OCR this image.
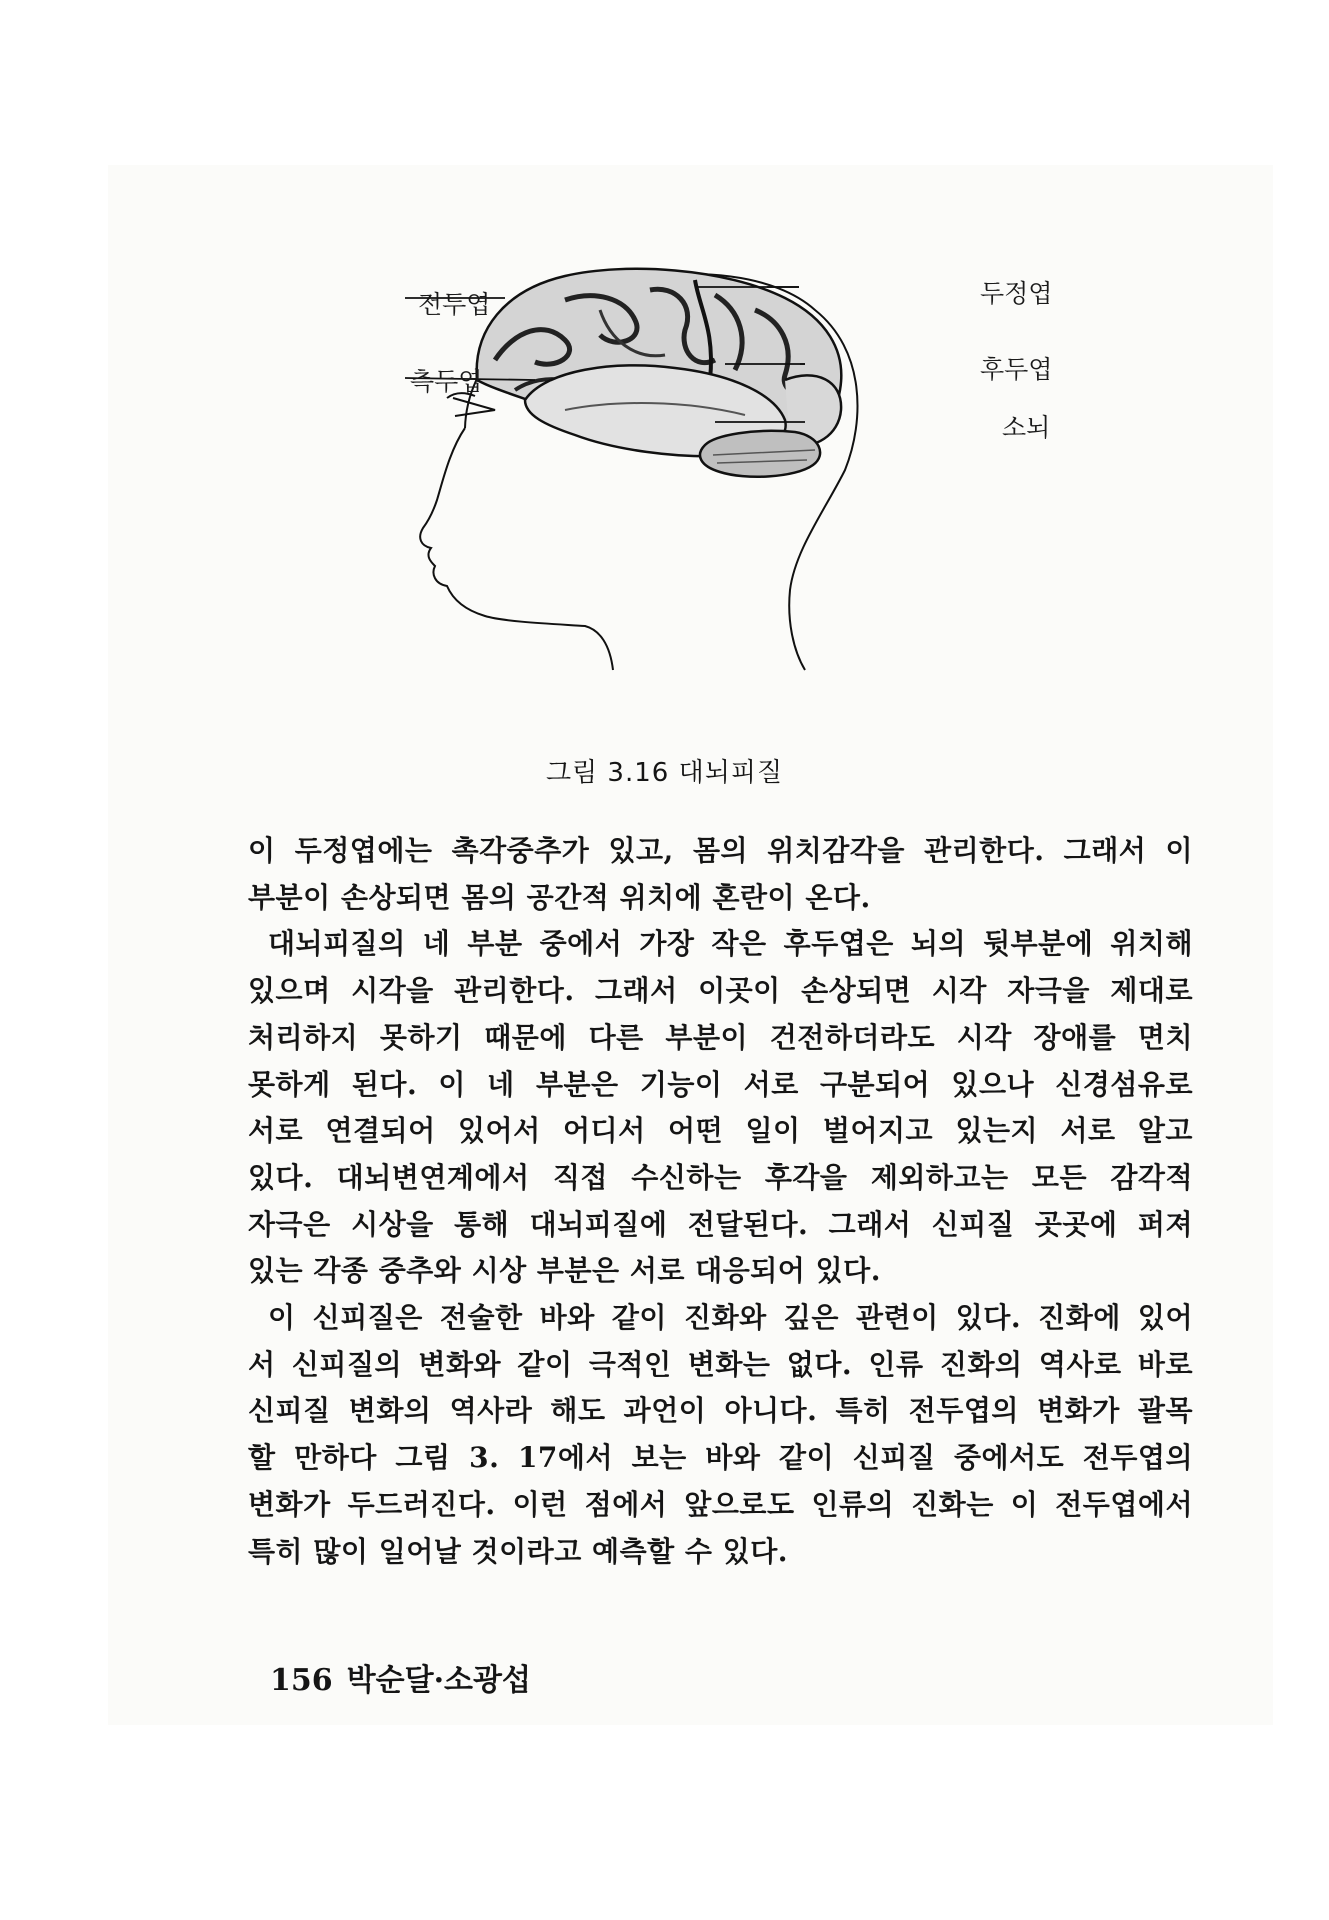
전두엽
측두엽
두정엽
후두엽
소뇌
그림 3.16 대뇌피질

이 두정엽에는 촉각중추가 있고, 몸의 위치감각을 관리한다. 그래서 이

부분이 손상되면 몸의 공간적 위치에 혼란이 온다.

대뇌피질의 네 부분 중에서 가장 작은 후두엽은 뇌의 뒷부분에 위치해

있으며 시각을 관리한다. 그래서 이곳이 손상되면 시각 자극을 제대로

처리하지 못하기 때문에 다른 부분이 건전하더라도 시각 장애를 면치

못하게 된다. 이 네 부분은 기능이 서로 구분되어 있으나 신경섬유로

서로 연결되어 있어서 어디서 어떤 일이 벌어지고 있는지 서로 알고

있다. 대뇌변연계에서 직접 수신하는 후각을 제외하고는 모든 감각적

자극은 시상을 통해 대뇌피질에 전달된다. 그래서 신피질 곳곳에 퍼져

있는 각종 중추와 시상 부분은 서로 대응되어 있다.

이 신피질은 전술한 바와 같이 진화와 깊은 관련이 있다. 진화에 있어

서 신피질의 변화와 같이 극적인 변화는 없다. 인류 진화의 역사로 바로

신피질 변화의 역사라 해도 과언이 아니다. 특히 전두엽의 변화가 괄목

할 만하다 그림 3. 17에서 보는 바와 같이 신피질 중에서도 전두엽의

변화가 두드러진다. 이런 점에서 앞으로도 인류의 진화는 이 전두엽에서

특히 많이 일어날 것이라고 예측할 수 있다.

156 박순달·소광섭
